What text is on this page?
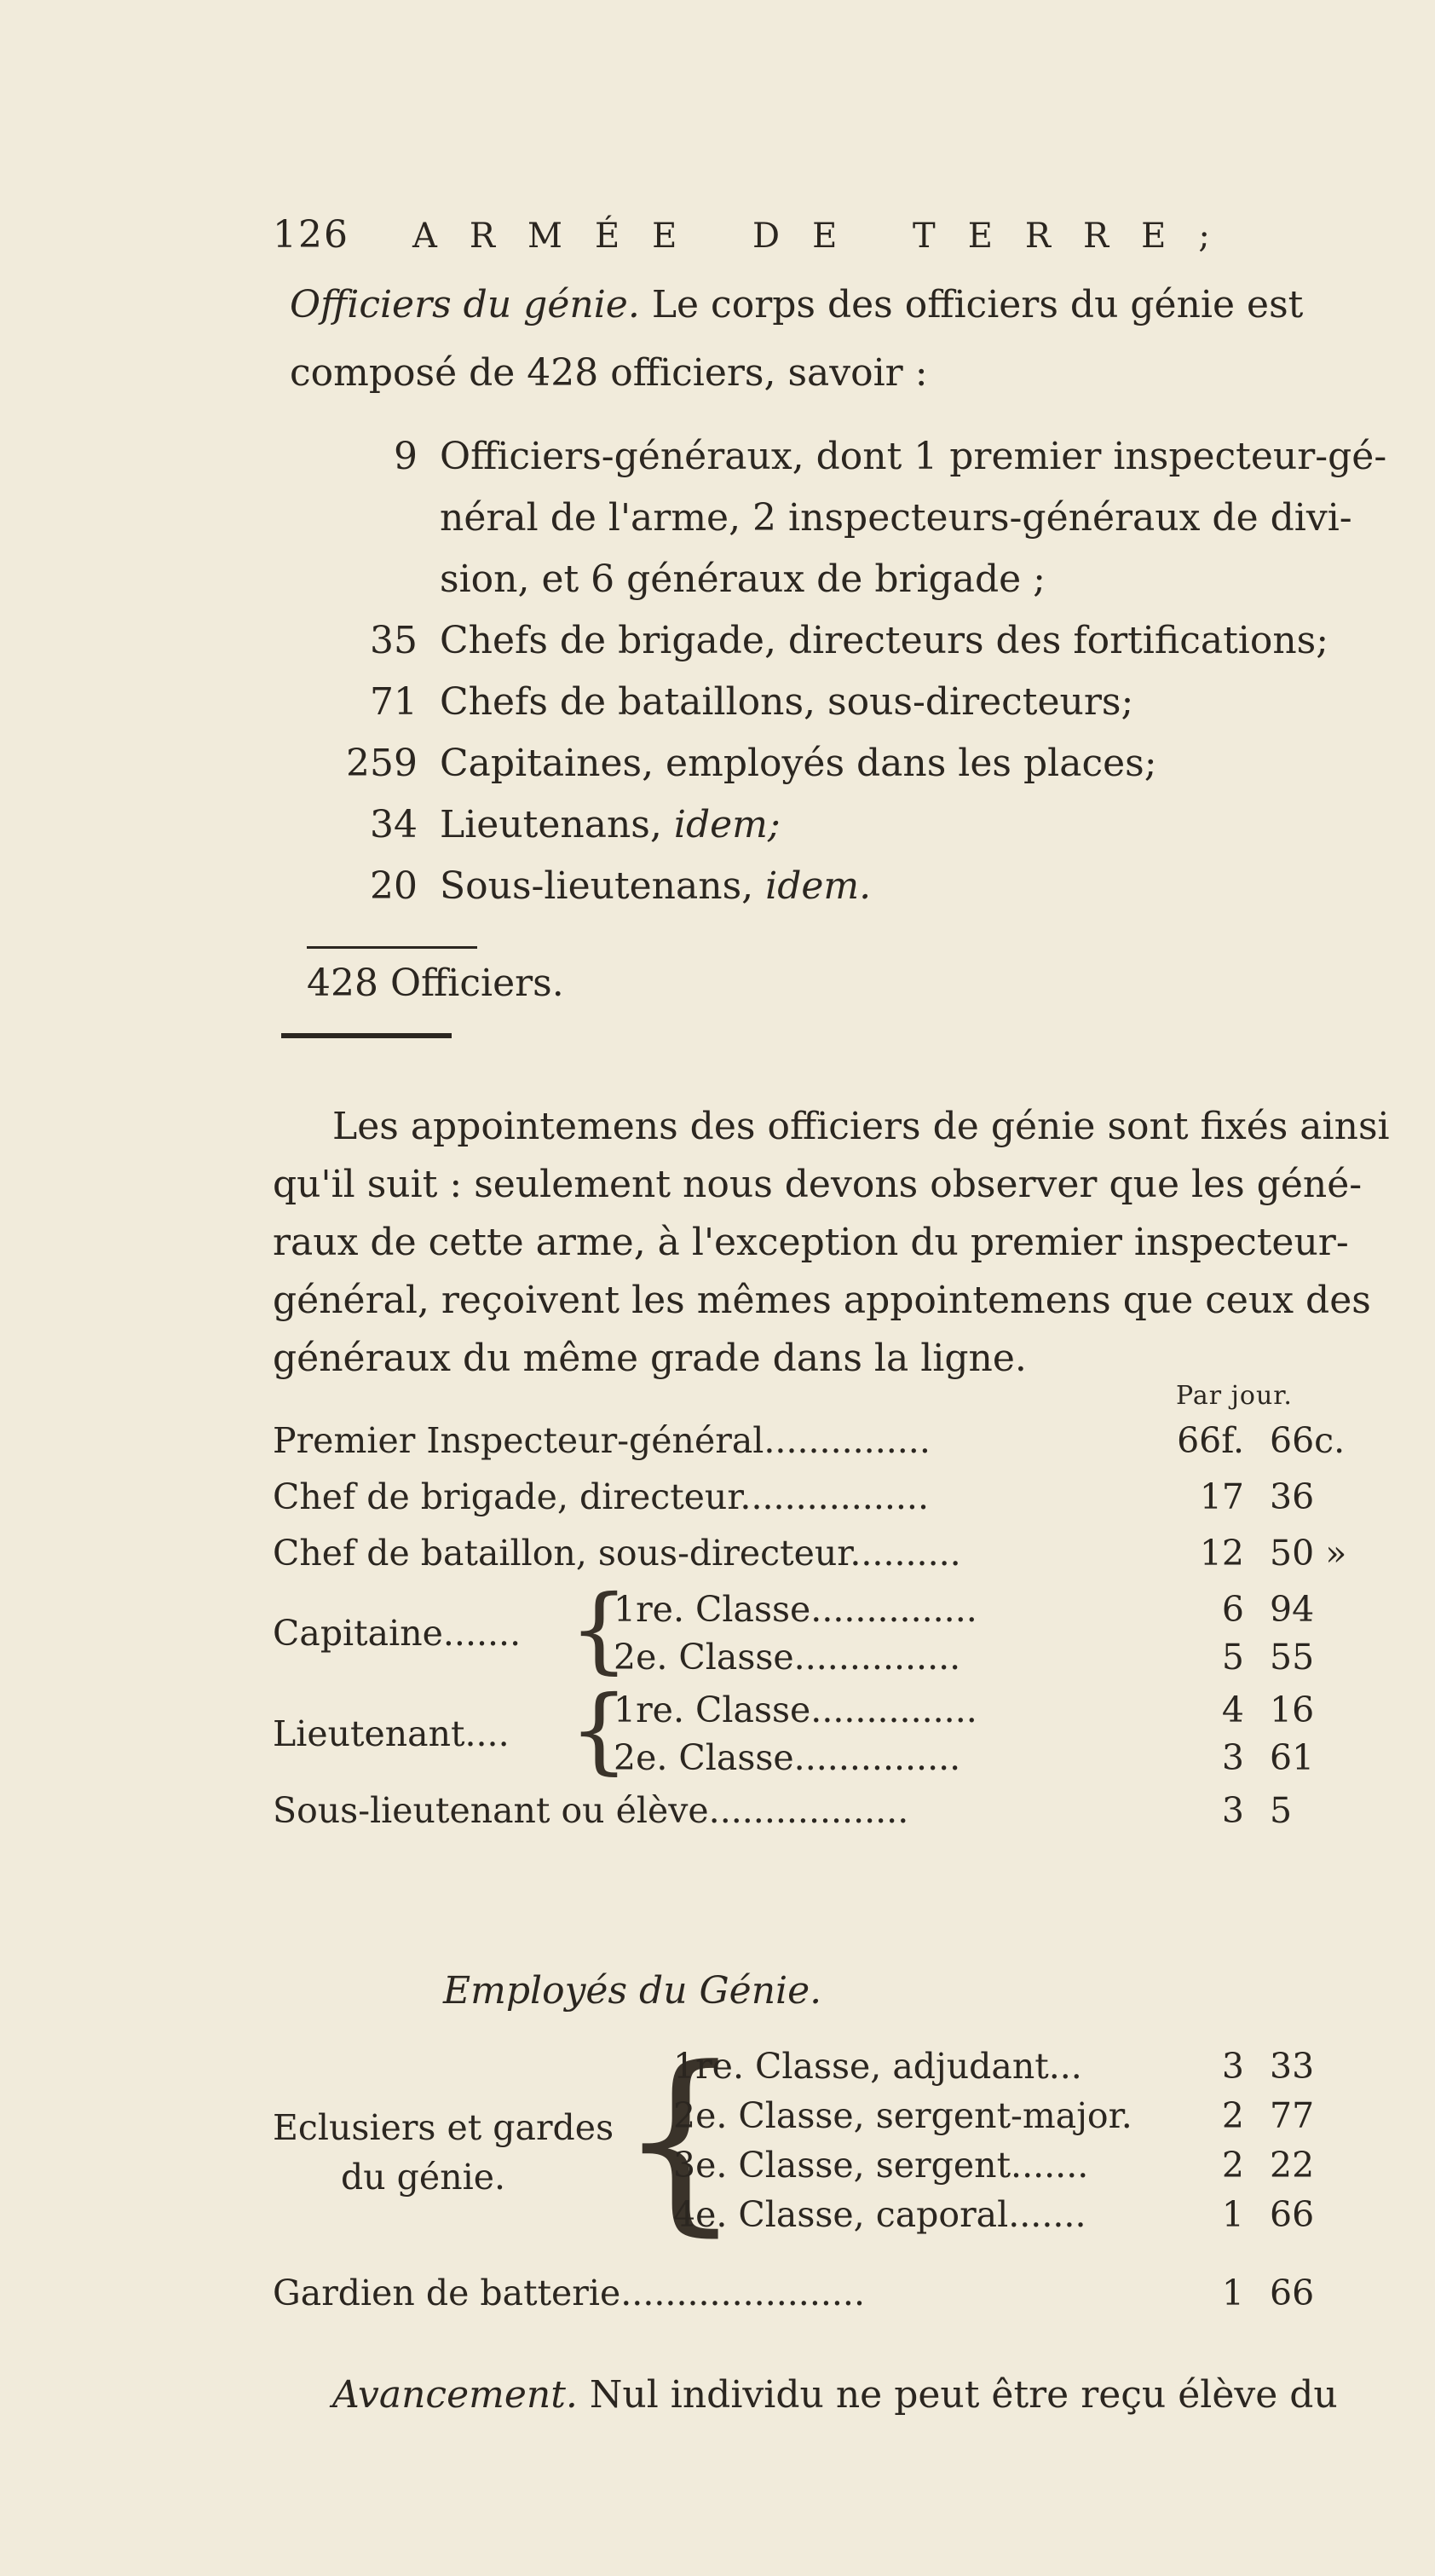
126 ARMÉE DE TERRE;

Officiers du génie. Le corps des officiers du génie est composé de 428 officiers, savoir :

9 Officiers-généraux, dont 1 premier inspecteur-gé-
néral de l'arme, 2 inspecteurs-généraux de divi-
sion, et 6 généraux de brigade ;
35 Chefs de brigade, directeurs des fortifications;
71 Chefs de bataillons, sous-directeurs;
259 Capitaines, employés dans les places;
34 Lieutenans, idem;
20 Sous-lieutenans, idem.
428 Officiers.

Les appointemens des officiers de génie sont fixés ainsi

qu'il suit : seulement nous devons observer que les géné-

raux de cette arme, à l'exception du premier inspecteur-

général, reçoivent les mêmes appointemens que ceux des

généraux du même grade dans la ligne.

Par jour.
Premier Inspecteur-général...............	66f. 66c.
Chef de brigade, directeur.................	17 36
Chef de bataillon, sous-directeur..........	12 50 »
Capitaine....... {
1re. Classe...............	6 94
2e. Classe...............	5 55
Lieutenant.... {
1re. Classe...............	4 16
2e. Classe...............	3 61
Sous-lieutenant ou élève..................	3 5
Employés du Génie.
Eclusiers et gardes
du génie. {
1re. Classe, adjudant...	3 33
2e. Classe, sergent-major.	2 77
3e. Classe, sergent.......	2 22
4e. Classe, caporal.......	1 66
Gardien de batterie......................	1 66

Avancement. Nul individu ne peut être reçu élève du
